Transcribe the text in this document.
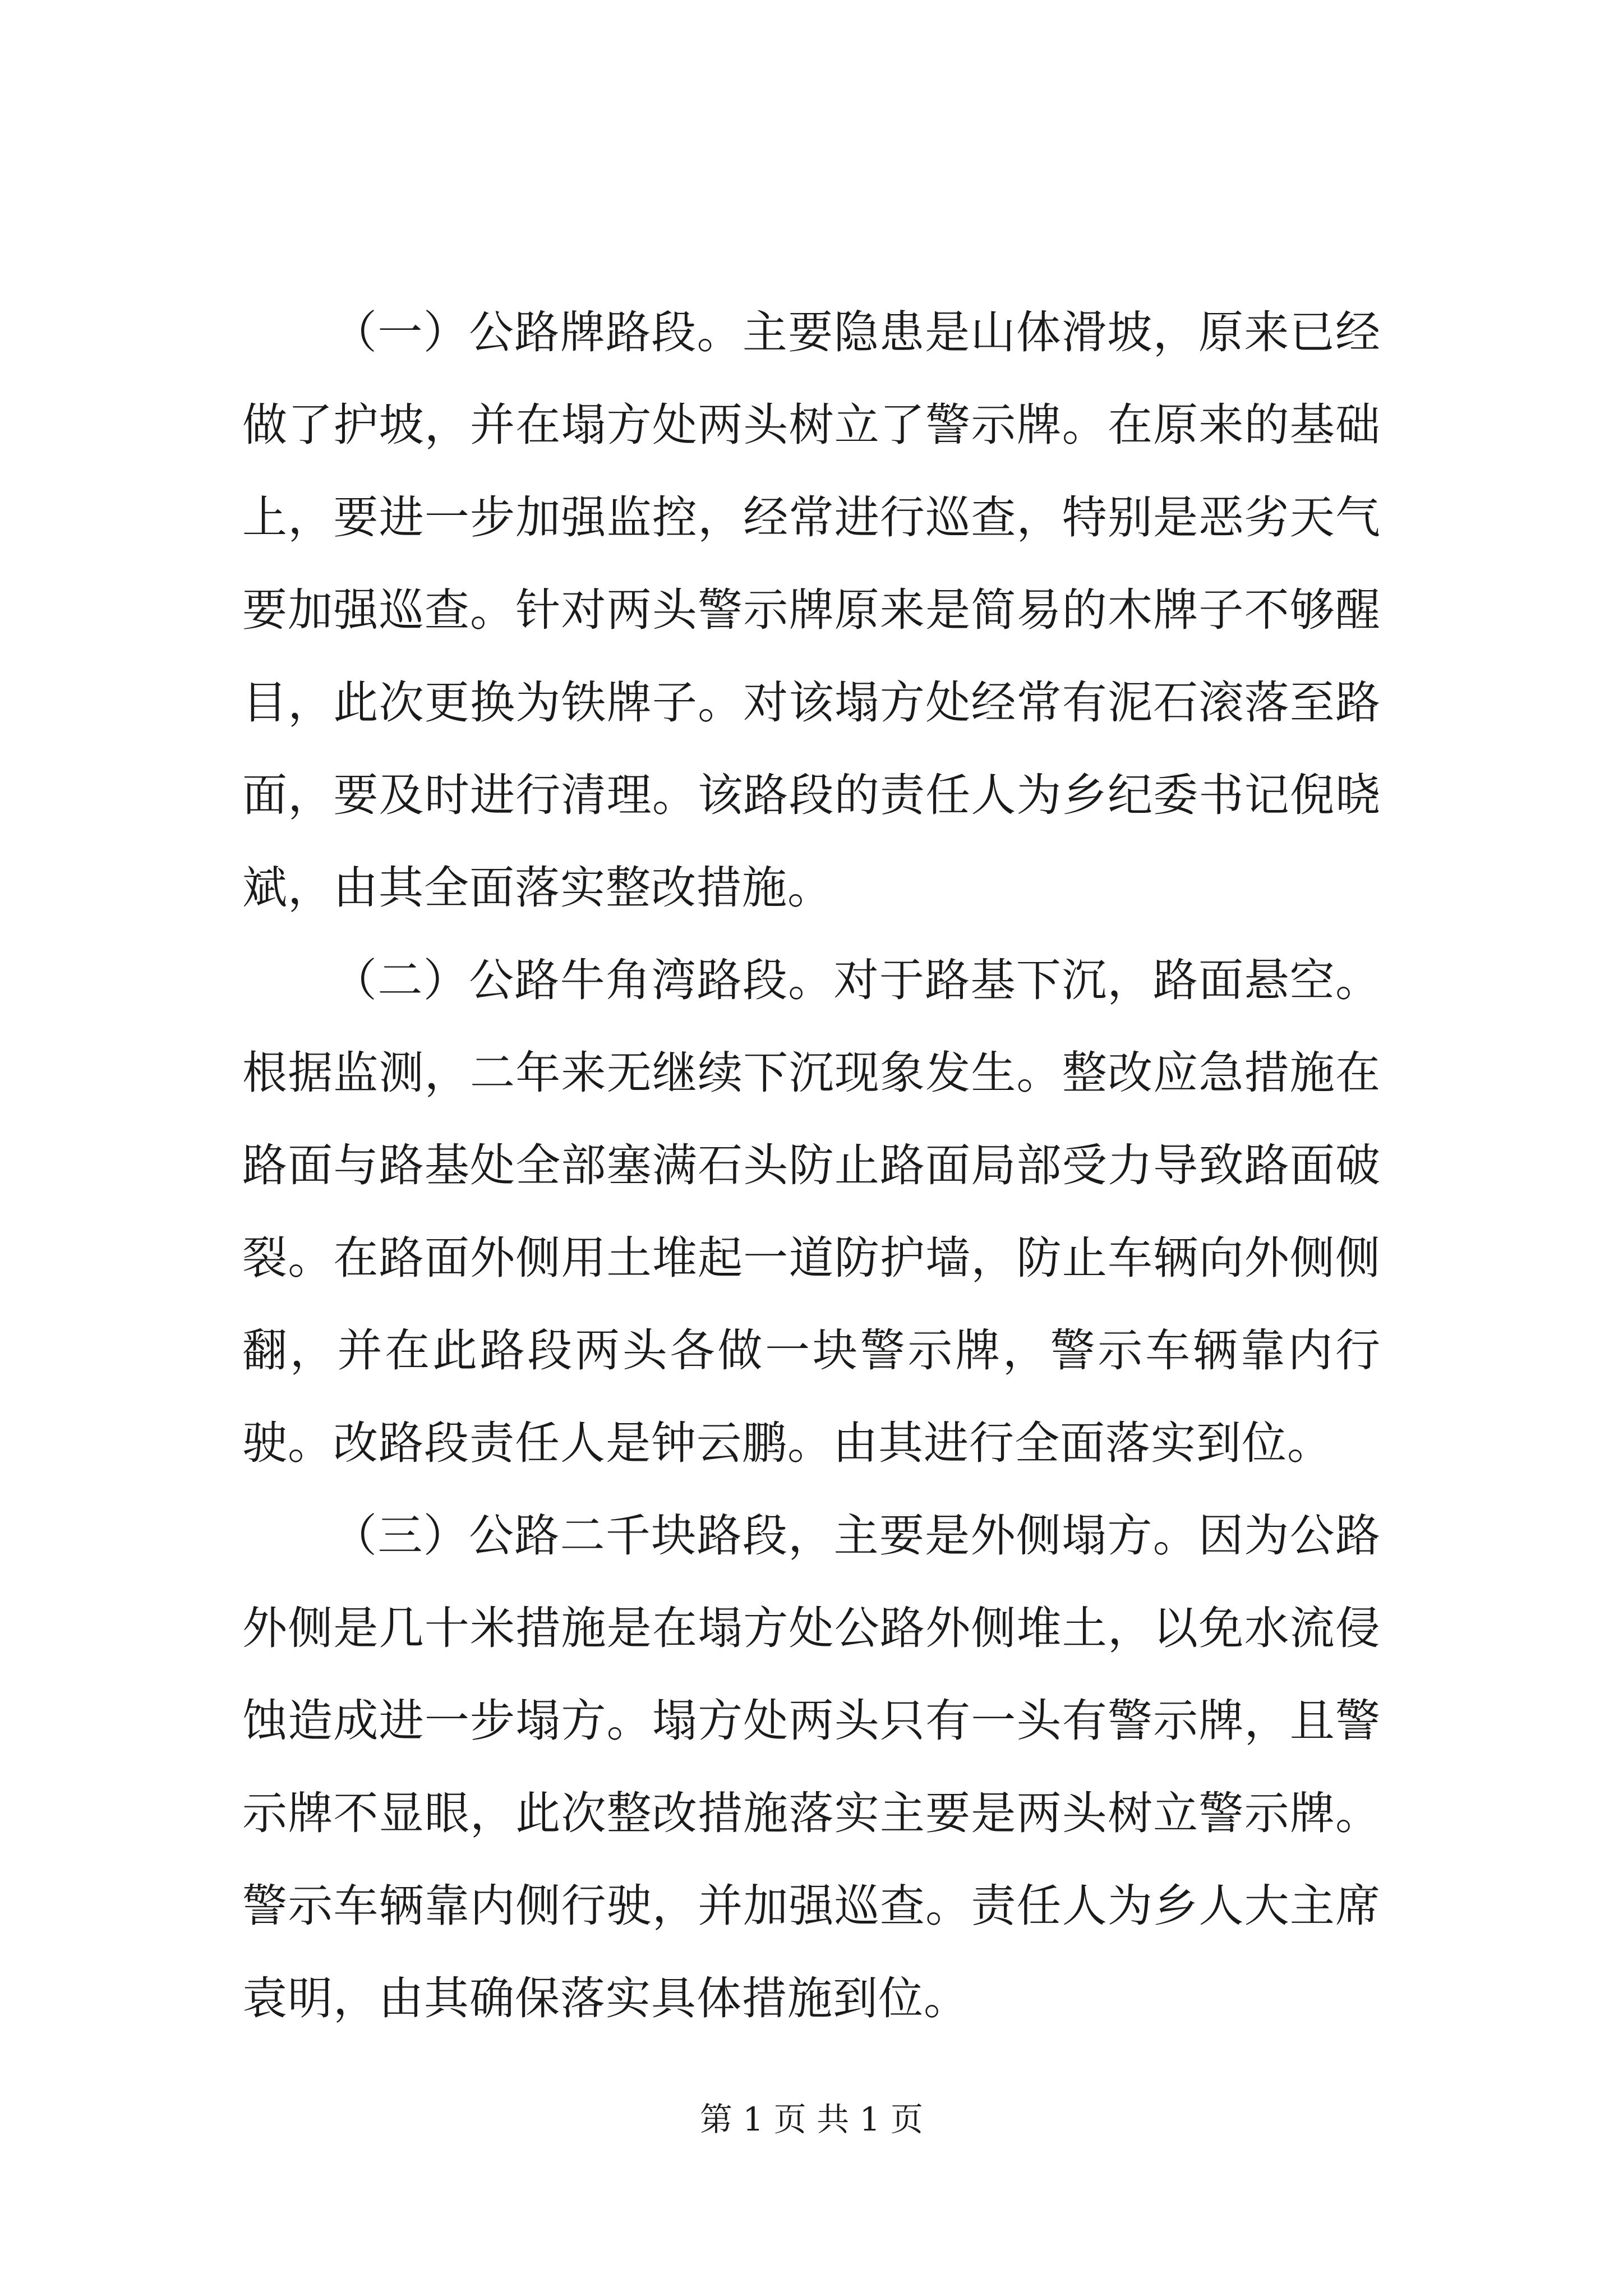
（一）公路牌路段。主要隐患是山体滑坡，原来已经做了护坡，并在塌方处两头树立了警示牌。在原来的基础上，要进一步加强监控，经常进行巡查，特别是恶劣天气要加强巡查。针对两头警示牌原来是简易的木牌子不够醒目，此次更换为铁牌子。对该塌方处经常有泥石滚落至路面，要及时进行清理。该路段的责任人为乡纪委书记倪晓斌，由其全面落实整改措施。

（二）公路牛角湾路段。对于路基下沉，路面悬空。根据监测，二年来无继续下沉现象发生。整改应急措施在路面与路基处全部塞满石头防止路面局部受力导致路面破裂。在路面外侧用土堆起一道防护墙，防止车辆向外侧侧翻，并在此路段两头各做一块警示牌，警示车辆靠内行驶。改路段责任人是钟云鹏。由其进行全面落实到位。

（三）公路二千块路段，主要是外侧塌方。因为公路外侧是几十米措施是在塌方处公路外侧堆土，以免水流侵蚀造成进一步塌方。塌方处两头只有一头有警示牌，且警示牌不显眼，此次整改措施落实主要是两头树立警示牌。警示车辆靠内侧行驶，并加强巡查。责任人为乡人大主席袁明，由其确保落实具体措施到位。

第 1 页 共 1 页
